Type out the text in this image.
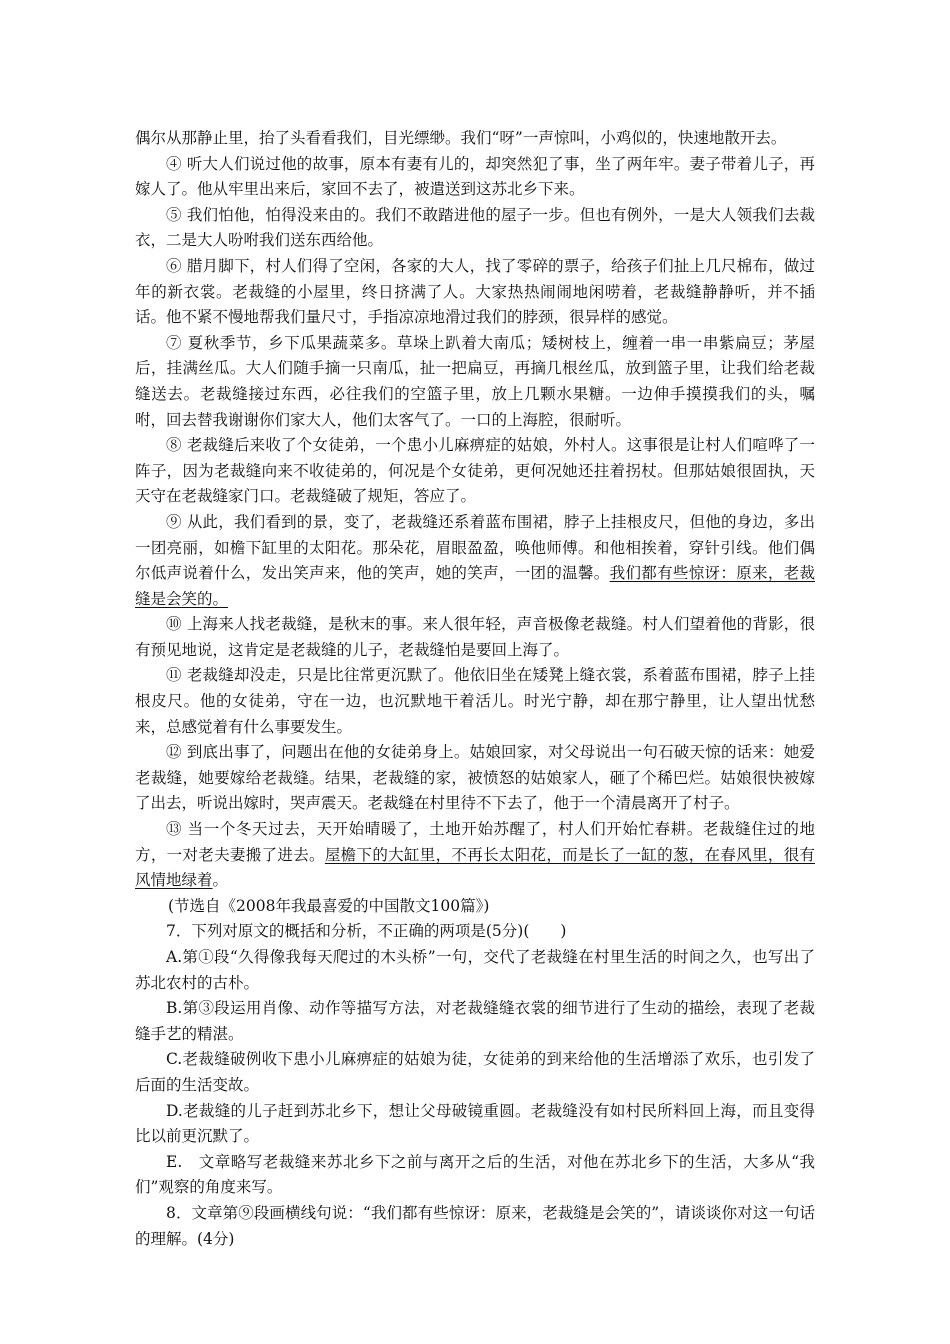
偶尔从那静止里，抬了头看看我们，目光缥缈。我们“呀”一声惊叫，小鸡似的，快速地散开去。

④ 听大人们说过他的故事，原本有妻有儿的，却突然犯了事，坐了两年牢。妻子带着儿子，再嫁人了。他从牢里出来后，家回不去了，被遣送到这苏北乡下来。

⑤ 我们怕他，怕得没来由的。我们不敢踏进他的屋子一步。但也有例外，一是大人领我们去裁衣，二是大人吩咐我们送东西给他。

⑥ 腊月脚下，村人们得了空闲，各家的大人，找了零碎的票子，给孩子们扯上几尺棉布，做过年的新衣裳。老裁缝的小屋里，终日挤满了人。大家热热闹闹地闲唠着，老裁缝静静听，并不插话。他不紧不慢地帮我们量尺寸，手指凉凉地滑过我们的脖颈，很异样的感觉。

⑦ 夏秋季节，乡下瓜果蔬菜多。草垛上趴着大南瓜；矮树枝上，缠着一串一串紫扁豆；茅屋后，挂满丝瓜。大人们随手摘一只南瓜，扯一把扁豆，再摘几根丝瓜，放到篮子里，让我们给老裁缝送去。老裁缝接过东西，必往我们的空篮子里，放上几颗水果糖。一边伸手摸摸我们的头，嘱咐，回去替我谢谢你们家大人，他们太客气了。一口的上海腔，很耐听。

⑧ 老裁缝后来收了个女徒弟，一个患小儿麻痹症的姑娘，外村人。这事很是让村人们喧哗了一阵子，因为老裁缝向来不收徒弟的，何况是个女徒弟，更何况她还拄着拐杖。但那姑娘很固执，天天守在老裁缝家门口。老裁缝破了规矩，答应了。

⑨ 从此，我们看到的景，变了，老裁缝还系着蓝布围裙，脖子上挂根皮尺，但他的身边，多出一团亮丽，如檐下缸里的太阳花。那朵花，眉眼盈盈，唤他师傅。和他相挨着，穿针引线。他们偶尔低声说着什么，发出笑声来，他的笑声，她的笑声，一团的温馨。我们都有些惊讶：原来，老裁缝是会笑的。

⑩ 上海来人找老裁缝，是秋末的事。来人很年轻，声音极像老裁缝。村人们望着他的背影，很有预见地说，这肯定是老裁缝的儿子，老裁缝怕是要回上海了。

⑪ 老裁缝却没走，只是比往常更沉默了。他依旧坐在矮凳上缝衣裳，系着蓝布围裙，脖子上挂根皮尺。他的女徒弟，守在一边，也沉默地干着活儿。时光宁静，却在那宁静里，让人望出忧愁来，总感觉着有什么事要发生。

⑫ 到底出事了，问题出在他的女徒弟身上。姑娘回家，对父母说出一句石破天惊的话来：她爱老裁缝，她要嫁给老裁缝。结果，老裁缝的家，被愤怒的姑娘家人，砸了个稀巴烂。姑娘很快被嫁了出去，听说出嫁时，哭声震天。老裁缝在村里待不下去了，他于一个清晨离开了村子。

⑬ 当一个冬天过去，天开始晴暖了，土地开始苏醒了，村人们开始忙春耕。老裁缝住过的地方，一对老夫妻搬了进去。屋檐下的大缸里，不再长太阳花，而是长了一缸的葱，在春风里，很有风情地绿着。

(节选自《2008年我最喜爱的中国散文100篇》)

7．下列对原文的概括和分析，不正确的两项是(5分)(　　)

A.第①段“久得像我每天爬过的木头桥”一句，交代了老裁缝在村里生活的时间之久，也写出了苏北农村的古朴。

B.第③段运用肖像、动作等描写方法，对老裁缝缝衣裳的细节进行了生动的描绘，表现了老裁缝手艺的精湛。

C.老裁缝破例收下患小儿麻痹症的姑娘为徒，女徒弟的到来给他的生活增添了欢乐，也引发了后面的生活变故。

D.老裁缝的儿子赶到苏北乡下，想让父母破镜重圆。老裁缝没有如村民所料回上海，而且变得比以前更沉默了。

E.　文章略写老裁缝来苏北乡下之前与离开之后的生活，对他在苏北乡下的生活，大多从“我们”观察的角度来写。

8．文章第⑨段画横线句说：“我们都有些惊讶：原来，老裁缝是会笑的”，请谈谈你对这一句话的理解。(4分)
